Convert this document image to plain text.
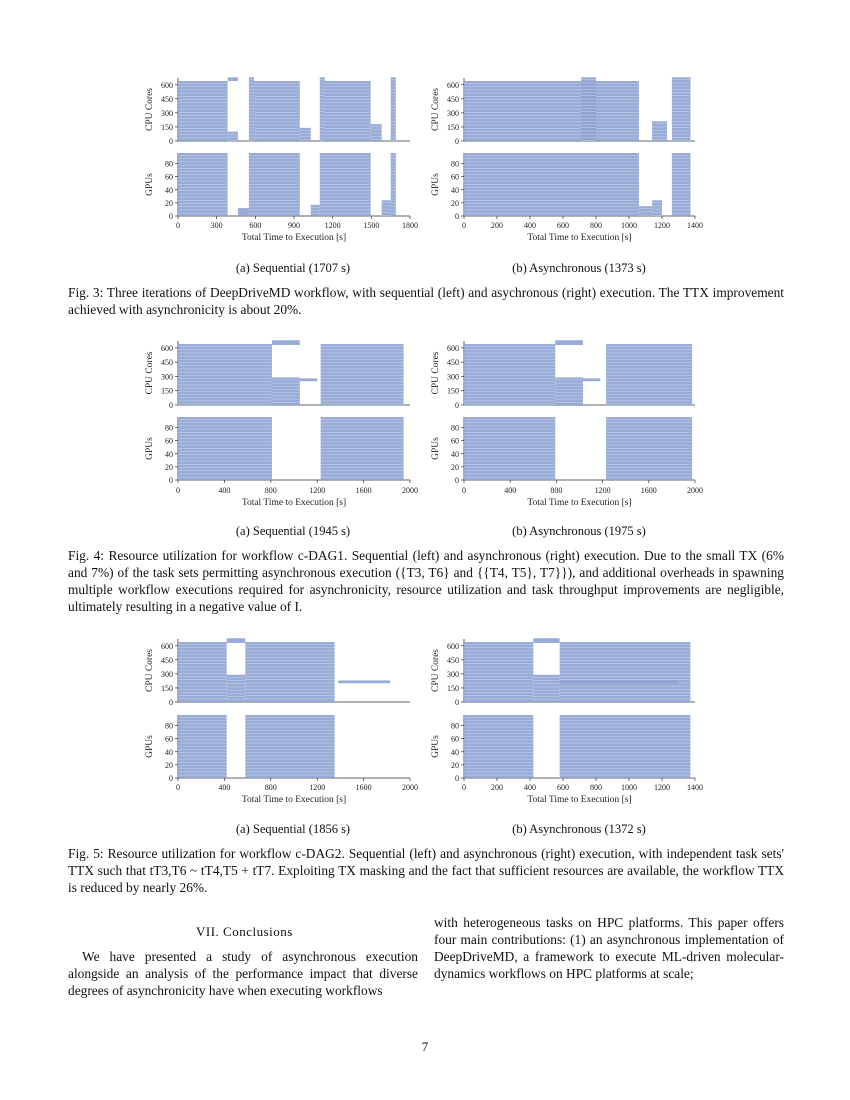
0
150
300
450
600
CPU Cores
0
20
40
60
80
GPUs
0	300	600	900	1200	1500	1800
Total Time to Execution [s]
0
150
300
450
600
CPU Cores
0
20
40
60
80
GPUs
0	200	400	600	800 1000 1200 1400
Total Time to Execution [s]
0
150
300
450
600
CPU Cores
0
20
40
60
80
GPUs
0	400	800	1200	1600	2000
Total Time to Execution [s]
0
150
300
450
600
CPU Cores
0
20
40
60
80
GPUs
0	400	800	1200	1600	2000
Total Time to Execution [s]
0
150
300
450
600
CPU Cores
0
20
40
60
80
GPUs
0	400	800	1200	1600	2000
Total Time to Execution [s]
0
150
300
450
600
CPU Cores
0
20
40
60
80
GPUs
0	200	400	600	800 1000 1200 1400
Total Time to Execution [s]
(a) Sequential (1707 s)	(b) Asynchronous (1373 s)
(a) Sequential (1945 s)	(b) Asynchronous (1975 s)
(a) Sequential (1856 s)	(b) Asynchronous (1372 s)
Fig. 3: Three iterations of DeepDriveMD workflow, with sequential (left) and asychronous (right) execution. The TTX improvement achieved with asynchronicity is about 20%.
Fig. 4: Resource utilization for workflow c-DAG1. Sequential (left) and asynchronous (right) execution. Due to the small TX (6% and 7%) of the task sets permitting asynchronous execution ({T3, T6} and {{T4, T5}, T7}}), and additional overheads in spawning multiple workflow executions required for asynchronicity, resource utilization and task throughput improvements are negligible, ultimately resulting in a negative value of I.
Fig. 5: Resource utilization for workflow c-DAG2. Sequential (left) and asynchronous (right) execution, with independent task sets' TTX such that tT3,T6 ~ tT4,T5 + tT7. Exploiting TX masking and the fact that sufficient resources are available, the workflow TTX is reduced by nearly 26%.
VII. Conclusions
We have presented a study of asynchronous execution alongside an analysis of the performance impact that diverse degrees of asynchronicity have when executing workflows
with heterogeneous tasks on HPC platforms. This paper offers four main contributions: (1) an asynchronous implementation of DeepDriveMD, a framework to execute ML-driven molecular-dynamics workflows on HPC platforms at scale;
7
